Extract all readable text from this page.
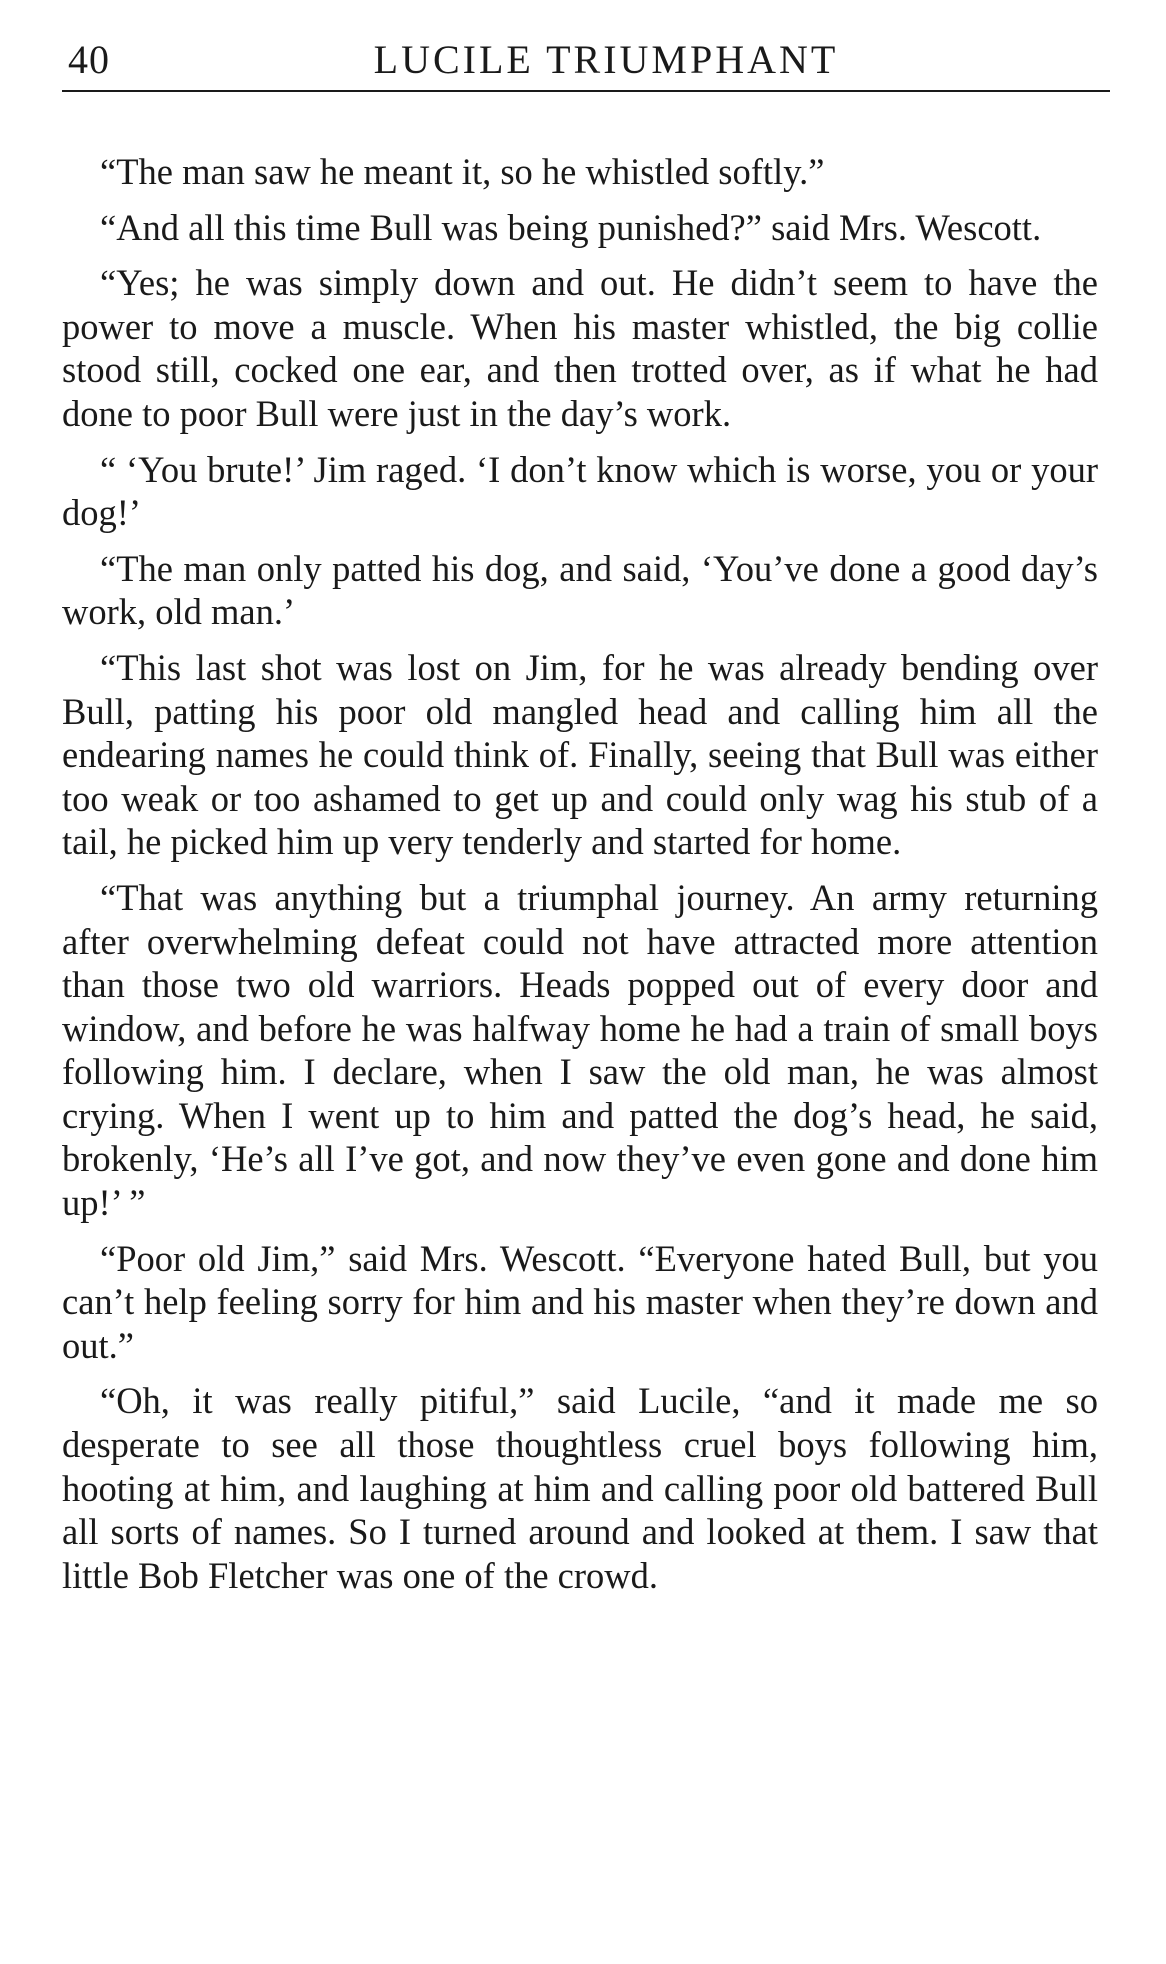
40	LUCILE TRIUMPHANT

“The man saw he meant it, so he whistled softly.”

“And all this time Bull was being punished?” said Mrs. Wescott.

“Yes; he was simply down and out. He didn’t seem to have the power to move a muscle. When his master whistled, the big collie stood still, cocked one ear, and then trotted over, as if what he had done to poor Bull were just in the day’s work.

“ ‘You brute!’ Jim raged. ‘I don’t know which is worse, you or your dog!’

“The man only patted his dog, and said, ‘You’ve done a good day’s work, old man.’

“This last shot was lost on Jim, for he was already bending over Bull, patting his poor old mangled head and calling him all the endearing names he could think of. Finally, seeing that Bull was either too weak or too ashamed to get up and could only wag his stub of a tail, he picked him up very tenderly and started for home.

“That was anything but a triumphal journey. An army returning after overwhelming defeat could not have attracted more attention than those two old warriors. Heads popped out of every door and window, and before he was halfway home he had a train of small boys following him. I declare, when I saw the old man, he was almost crying. When I went up to him and patted the dog’s head, he said, brokenly, ‘He’s all I’ve got, and now they’ve even gone and done him up!’ ”

“Poor old Jim,” said Mrs. Wescott. “Everyone hated Bull, but you can’t help feeling sorry for him and his master when they’re down and out.”

“Oh, it was really pitiful,” said Lucile, “and it made me so desperate to see all those thoughtless cruel boys following him, hooting at him, and laughing at him and calling poor old battered Bull all sorts of names. So I turned around and looked at them. I saw that little Bob Fletcher was one of the crowd.
